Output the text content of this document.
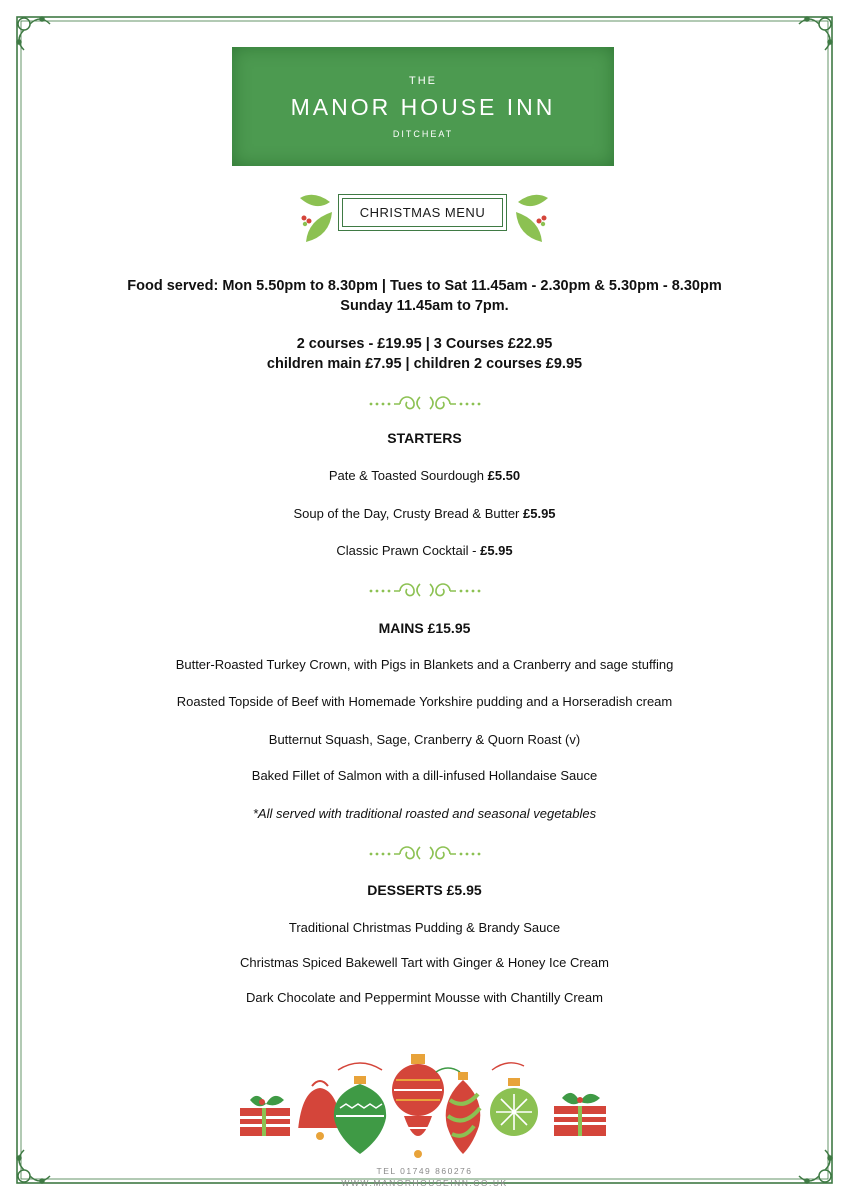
THE
MANOR HOUSE INN
DITCHEAT
CHRISTMAS MENU
Food served: Mon 5.50pm to 8.30pm | Tues to Sat 11.45am - 2.30pm & 5.30pm - 8.30pm
Sunday 11.45am to 7pm.
2 courses - £19.95 | 3 Courses £22.95
children main £7.95 | children 2 courses £9.95
STARTERS
Pate & Toasted Sourdough £5.50
Soup of the Day, Crusty Bread & Butter £5.95
Classic Prawn Cocktail - £5.95
MAINS £15.95
Butter-Roasted Turkey Crown, with Pigs in Blankets and a Cranberry and sage stuffing
Roasted Topside of Beef with Homemade Yorkshire pudding and a Horseradish cream
Butternut Squash, Sage, Cranberry & Quorn Roast (v)
Baked Fillet of Salmon with a dill-infused Hollandaise Sauce
*All served with traditional roasted and seasonal vegetables
DESSERTS £5.95
Traditional Christmas Pudding & Brandy Sauce
Christmas Spiced Bakewell Tart with Ginger & Honey Ice Cream
Dark Chocolate and Peppermint Mousse with Chantilly Cream
TEL 01749 860276
WWW.MANORHOUSEINN.CO.UK
